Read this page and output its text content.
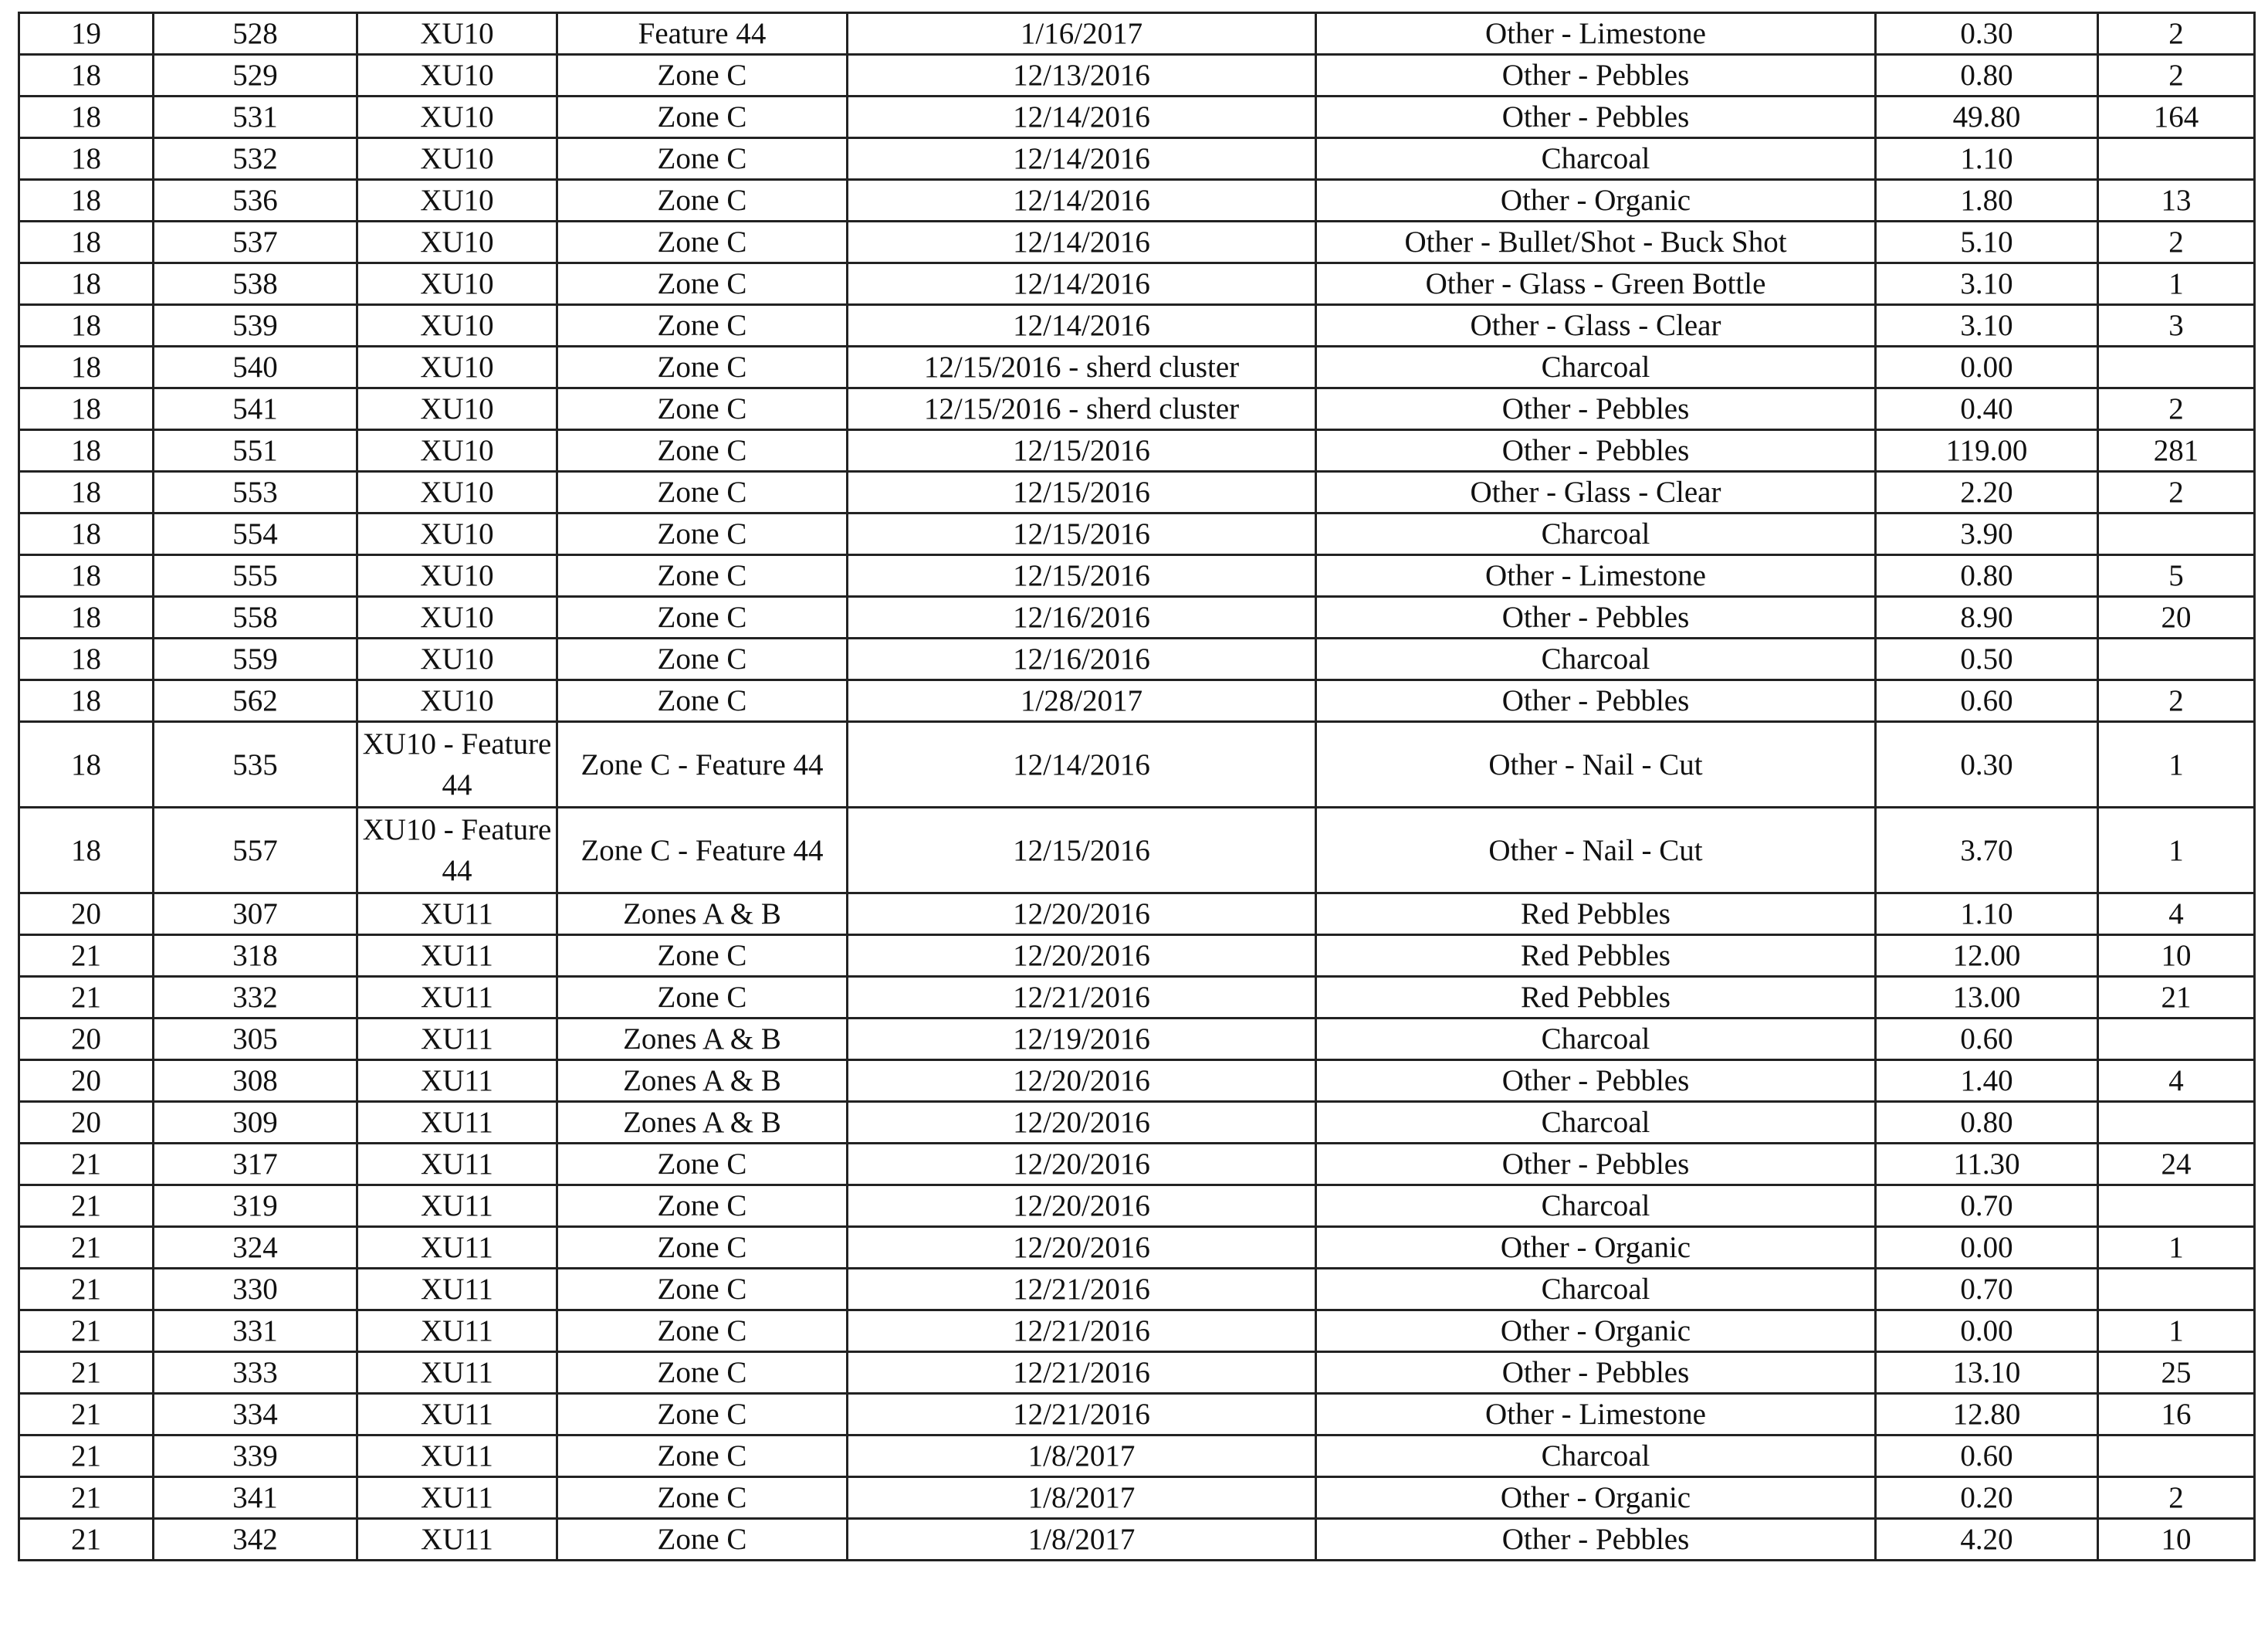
19	528	XU10	Feature 44	1/16/2017	Other - Limestone	0.30	2
18	529	XU10	Zone C	12/13/2016	Other - Pebbles	0.80	2
18	531	XU10	Zone C	12/14/2016	Other - Pebbles	49.80	164
18	532	XU10	Zone C	12/14/2016	Charcoal	1.10	
18	536	XU10	Zone C	12/14/2016	Other - Organic	1.80	13
18	537	XU10	Zone C	12/14/2016	Other - Bullet/Shot - Buck Shot	5.10	2
18	538	XU10	Zone C	12/14/2016	Other - Glass - Green Bottle	3.10	1
18	539	XU10	Zone C	12/14/2016	Other - Glass - Clear	3.10	3
18	540	XU10	Zone C	12/15/2016 - sherd cluster	Charcoal	0.00	
18	541	XU10	Zone C	12/15/2016 - sherd cluster	Other - Pebbles	0.40	2
18	551	XU10	Zone C	12/15/2016	Other - Pebbles	119.00	281
18	553	XU10	Zone C	12/15/2016	Other - Glass - Clear	2.20	2
18	554	XU10	Zone C	12/15/2016	Charcoal	3.90	
18	555	XU10	Zone C	12/15/2016	Other - Limestone	0.80	5
18	558	XU10	Zone C	12/16/2016	Other - Pebbles	8.90	20
18	559	XU10	Zone C	12/16/2016	Charcoal	0.50	
18	562	XU10	Zone C	1/28/2017	Other - Pebbles	0.60	2
18	535	XU10 - Feature 44	Zone C - Feature 44	12/14/2016	Other - Nail - Cut	0.30	1
18	557	XU10 - Feature 44	Zone C - Feature 44	12/15/2016	Other - Nail - Cut	3.70	1
20	307	XU11	Zones A & B	12/20/2016	Red Pebbles	1.10	4
21	318	XU11	Zone C	12/20/2016	Red Pebbles	12.00	10
21	332	XU11	Zone C	12/21/2016	Red Pebbles	13.00	21
20	305	XU11	Zones A & B	12/19/2016	Charcoal	0.60	
20	308	XU11	Zones A & B	12/20/2016	Other - Pebbles	1.40	4
20	309	XU11	Zones A & B	12/20/2016	Charcoal	0.80	
21	317	XU11	Zone C	12/20/2016	Other - Pebbles	11.30	24
21	319	XU11	Zone C	12/20/2016	Charcoal	0.70	
21	324	XU11	Zone C	12/20/2016	Other - Organic	0.00	1
21	330	XU11	Zone C	12/21/2016	Charcoal	0.70	
21	331	XU11	Zone C	12/21/2016	Other - Organic	0.00	1
21	333	XU11	Zone C	12/21/2016	Other - Pebbles	13.10	25
21	334	XU11	Zone C	12/21/2016	Other - Limestone	12.80	16
21	339	XU11	Zone C	1/8/2017	Charcoal	0.60	
21	341	XU11	Zone C	1/8/2017	Other - Organic	0.20	2
21	342	XU11	Zone C	1/8/2017	Other - Pebbles	4.20	10
